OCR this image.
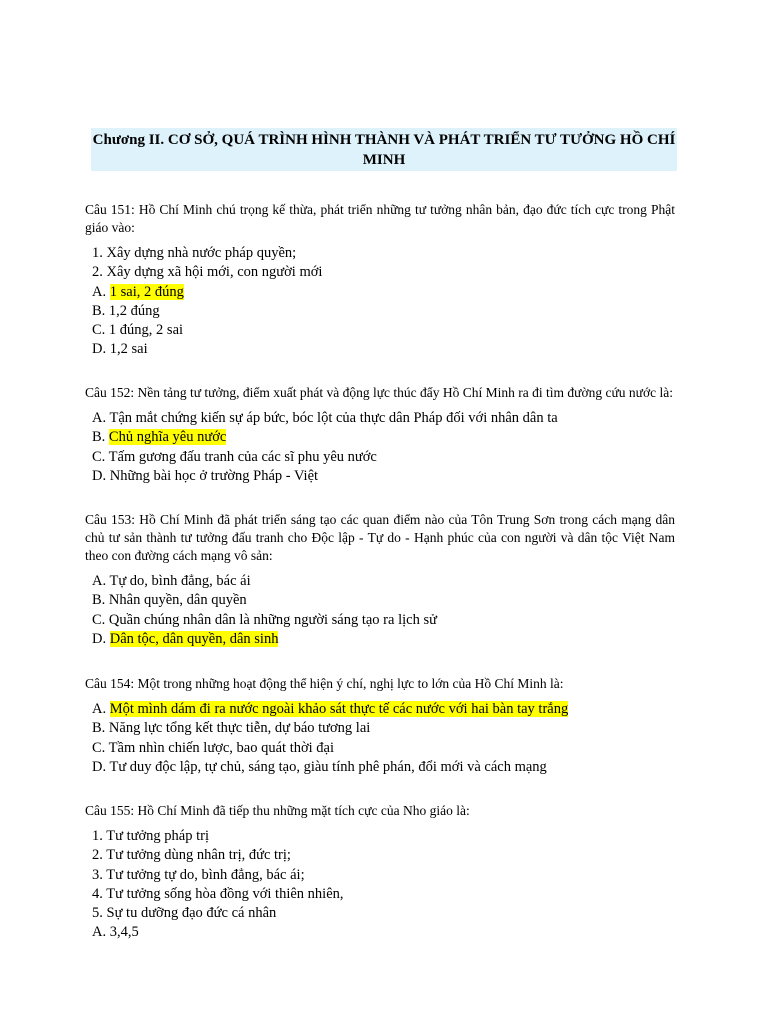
Chương II. CƠ SỞ, QUÁ TRÌNH HÌNH THÀNH VÀ PHÁT TRIỂN TƯ TƯỞNG HỒ CHÍ MINH

Câu 151: Hồ Chí Minh chú trọng kế thừa, phát triển những tư tưởng nhân bản, đạo đức tích cực trong Phật giáo vào:

1. Xây dựng nhà nước pháp quyền;
2. Xây dựng xã hội mới, con người mới
A. 1 sai, 2 đúng
B. 1,2 đúng
C. 1 đúng, 2 sai
D. 1,2 sai

Câu 152: Nền tảng tư tưởng, điểm xuất phát và động lực thúc đẩy Hồ Chí Minh ra đi tìm đường cứu nước là:

A. Tận mắt chứng kiến sự áp bức, bóc lột của thực dân Pháp đối với nhân dân ta
B. Chủ nghĩa yêu nước
C. Tấm gương đấu tranh của các sĩ phu yêu nước
D. Những bài học ở trường Pháp - Việt

Câu 153: Hồ Chí Minh đã phát triển sáng tạo các quan điểm nào của Tôn Trung Sơn trong cách mạng dân chủ tư sản thành tư tưởng đấu tranh cho Độc lập - Tự do - Hạnh phúc của con người và dân tộc Việt Nam theo con đường cách mạng vô sản:

A. Tự do, bình đẳng, bác ái
B. Nhân quyền, dân quyền
C. Quần chúng nhân dân là những người sáng tạo ra lịch sử
D. Dân tộc, dân quyền, dân sinh

Câu 154: Một trong những hoạt động thể hiện ý chí, nghị lực to lớn của Hồ Chí Minh là:

A. Một mình dám đi ra nước ngoài khảo sát thực tế các nước với hai bàn tay trắng
B. Năng lực tổng kết thực tiễn, dự báo tương lai
C. Tầm nhìn chiến lược, bao quát thời đại
D. Tư duy độc lập, tự chủ, sáng tạo, giàu tính phê phán, đổi mới và cách mạng

Câu 155: Hồ Chí Minh đã tiếp thu những mặt tích cực của Nho giáo là:

1. Tư tưởng pháp trị
2. Tư tưởng dùng nhân trị, đức trị;
3. Tư tưởng tự do, bình đẳng, bác ái;
4. Tư tưởng sống hòa đồng với thiên nhiên,
5. Sự tu dưỡng đạo đức cá nhân
A. 3,4,5
